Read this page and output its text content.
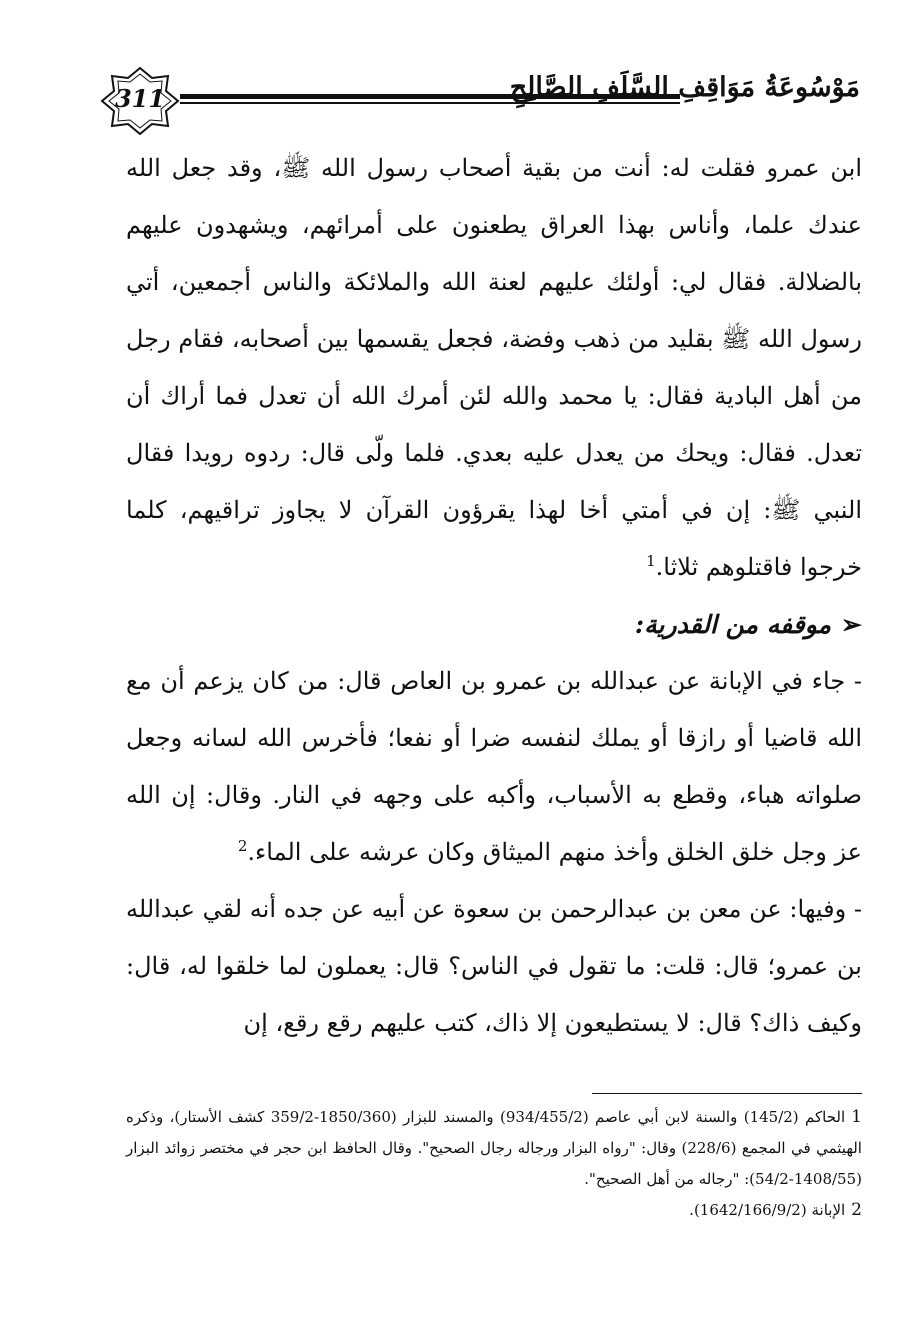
311	مَوْسُوعَةُ مَوَاقِفِ السَّلَفِ الصَّالِحِ

ابن عمرو فقلت له: أنت من بقية أصحاب رسول الله ﷺ، وقد جعل الله عندك علما، وأناس بهذا العراق يطعنون على أمرائهم، ويشهدون عليهم بالضلالة. فقال لي: أولئك عليهم لعنة الله والملائكة والناس أجمعين، أتي رسول الله ﷺ بقليد من ذهب وفضة، فجعل يقسمها بين أصحابه، فقام رجل من أهل البادية فقال: يا محمد والله لئن أمرك الله أن تعدل فما أراك أن تعدل. فقال: ويحك من يعدل عليه بعدي. فلما ولّى قال: ردوه رويدا فقال النبي ﷺ: إن في أمتي أخا لهذا يقرؤون القرآن لا يجاوز تراقيهم، كلما خرجوا فاقتلوهم ثلاثا.$^1$

➢موقفه من القدرية:

- جاء في الإبانة عن عبدالله بن عمرو بن العاص قال: من كان يزعم أن مع الله قاضيا أو رازقا أو يملك لنفسه ضرا أو نفعا؛ فأخرس الله لسانه وجعل صلواته هباء، وقطع به الأسباب، وأكبه على وجهه في النار. وقال: إن الله عز وجل خلق الخلق وأخذ منهم الميثاق وكان عرشه على الماء.$^2$

- وفيها: عن معن بن عبدالرحمن بن سعوة عن أبيه عن جده أنه لقي عبدالله بن عمرو؛ قال: قلت: ما تقول في الناس؟ قال: يعملون لما خلقوا له، قال: وكيف ذاك؟ قال: لا يستطيعون إلا ذاك، كتب عليهم رقع رقع، إن

1الحاكم (145/2) والسنة لابن أبي عاصم (934/455/2) والمسند للبزار (1850/360-359/2 كشف الأستار)، وذكره الهيثمي في المجمع (228/6) وقال: "رواه البزار ورجاله رجال الصحيح". وقال الحافظ ابن حجر في مختصر زوائد البزار (1408/55-54/2): "رجاله من أهل الصحيح".

2الإبانة (1642/166/9/2).
